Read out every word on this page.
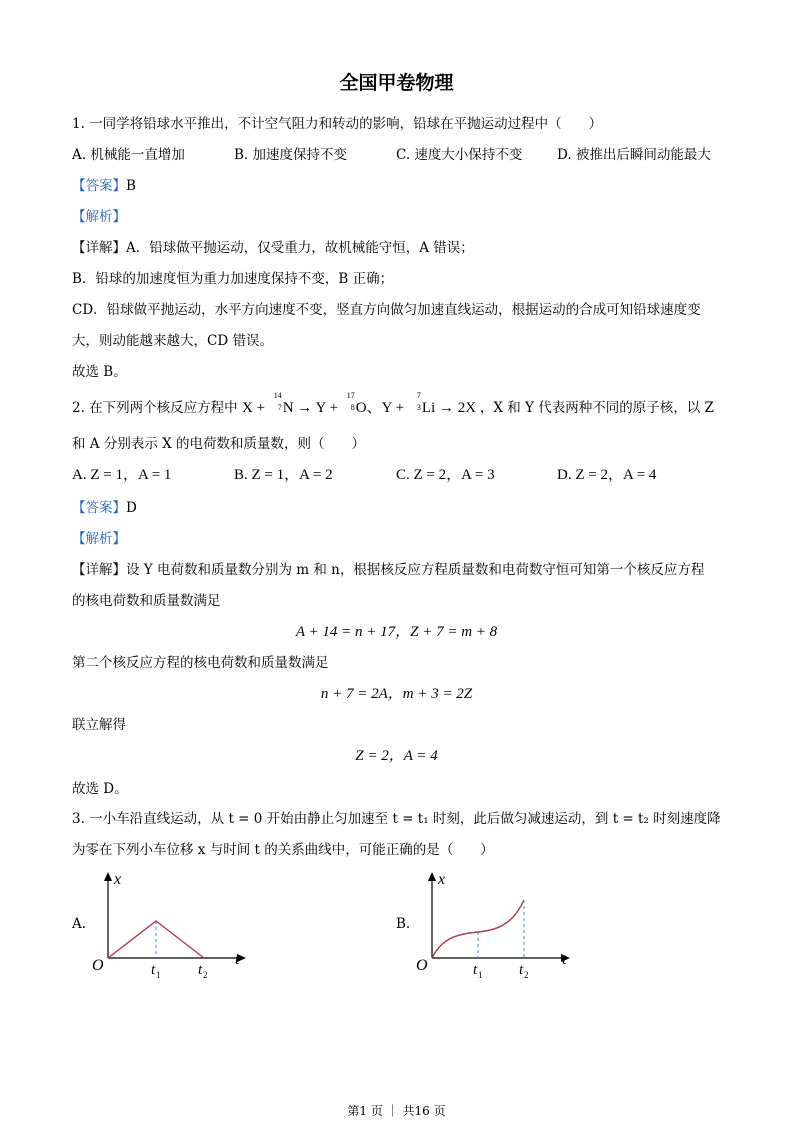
全国甲卷物理
1. 一同学将铅球水平推出，不计空气阻力和转动的影响，铅球在平抛运动过程中（　　）
A. 机械能一直增加	B. 加速度保持不变	C. 速度大小保持不变	D. 被推出后瞬间动能最大
【答案】B
【解析】
【详解】A．铅球做平抛运动，仅受重力，故机械能守恒，A 错误；
B．铅球的加速度恒为重力加速度保持不变，B 正确；
CD．铅球做平抛运动，水平方向速度不变，竖直方向做匀加速直线运动，根据运动的合成可知铅球速度变
大，则动能越来越大，CD 错误。
故选 B。
2. 在下列两个核反应方程中 X +
14
7 N → Y +
17
8 O、Y +
7
3 Li → 2X ，X 和 Y 代表两种不同的原子核，以 Z
和 A 分别表示 X 的电荷数和质量数，则（　　）
A. Z = 1，A = 1	B. Z = 1，A = 2	C. Z = 2，A = 3	D. Z = 2，A = 4
【答案】D
【解析】
【详解】设 Y 电荷数和质量数分别为 m 和 n，根据核反应方程质量数和电荷数守恒可知第一个核反应方程
的核电荷数和质量数满足
A + 14 = n + 17，Z + 7 = m + 8
第二个核反应方程的核电荷数和质量数满足
n + 7 = 2A，m + 3 = 2Z
联立解得
Z = 2，A = 4
故选 D。
3. 一小车沿直线运动，从 t = 0 开始由静止匀加速至 t = t₁ 时刻，此后做匀减速运动，到 t = t₂ 时刻速度降
为零在下列小车位移 x 与时间 t 的关系曲线中，可能正确的是（　　）
A.
x
t
O	t 1	t 2
B.
x
t
O	t 1 t 2
第1 页 ｜ 共16 页
